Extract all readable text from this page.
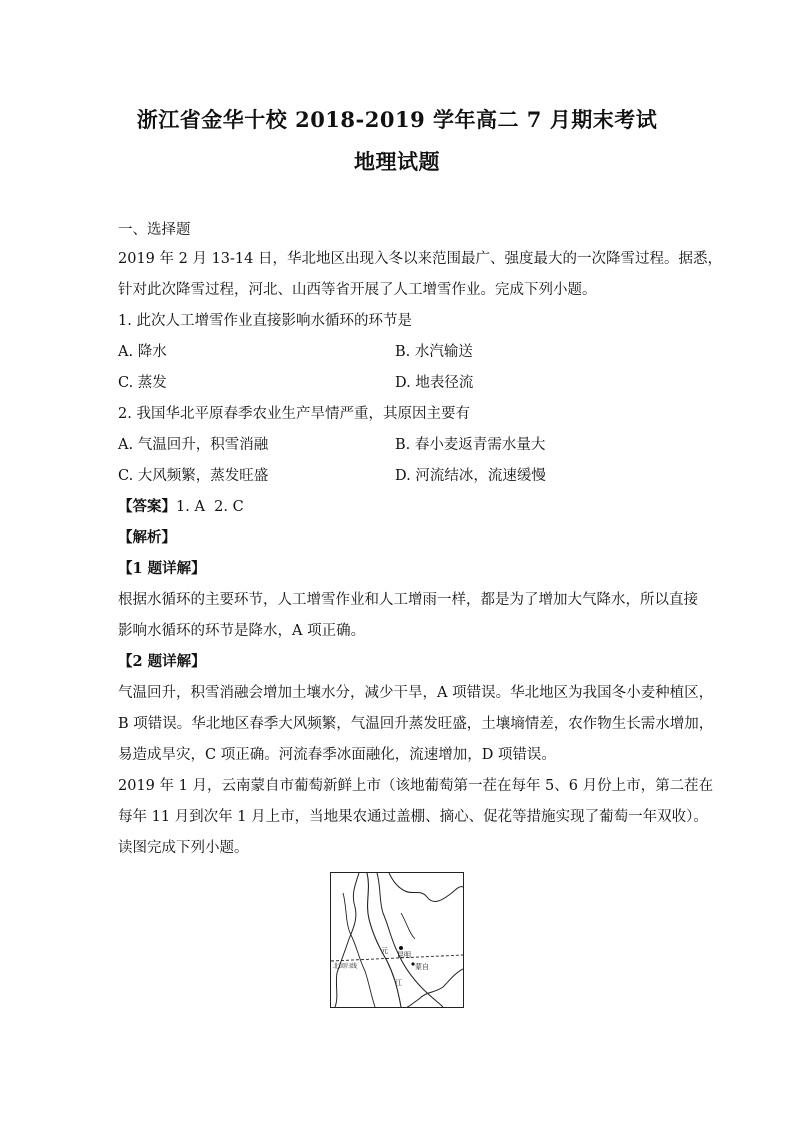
浙江省金华十校 2018-2019 学年高二 7 月期末考试
地理试题
一、选择题
2019 年 2 月 13-14 日，华北地区出现入冬以来范围最广、强度最大的一次降雪过程。据悉，
针对此次降雪过程，河北、山西等省开展了人工增雪作业。完成下列小题。
1. 此次人工增雪作业直接影响水循环的环节是
A. 降水	B. 水汽输送
C. 蒸发	D. 地表径流
2. 我国华北平原春季农业生产旱情严重，其原因主要有
A. 气温回升，积雪消融	B. 春小麦返青需水量大
C. 大风频繁，蒸发旺盛	D. 河流结冰，流速缓慢
【答案】1. A  2. C
【解析】
【1 题详解】
根据水循环的主要环节，人工增雪作业和人工增雨一样，都是为了增加大气降水，所以直接
影响水循环的环节是降水，A 项正确。
【2 题详解】
气温回升，积雪消融会增加土壤水分，减少干旱，A 项错误。华北地区为我国冬小麦种植区，
B 项错误。华北地区春季大风频繁，气温回升蒸发旺盛，土壤墒情差，农作物生长需水增加，
易造成旱灾，C 项正确。河流春季冰面融化，流速增加，D 项错误。
2019 年 1 月，云南蒙自市葡萄新鲜上市（该地葡萄第一茬在每年 5、6 月份上市，第二茬在
每年 11 月到次年 1 月上市，当地果农通过盖棚、摘心、促花等措施实现了葡萄一年双收）。
读图完成下列小题。
元 昆明
蒙自
江
北回归线
